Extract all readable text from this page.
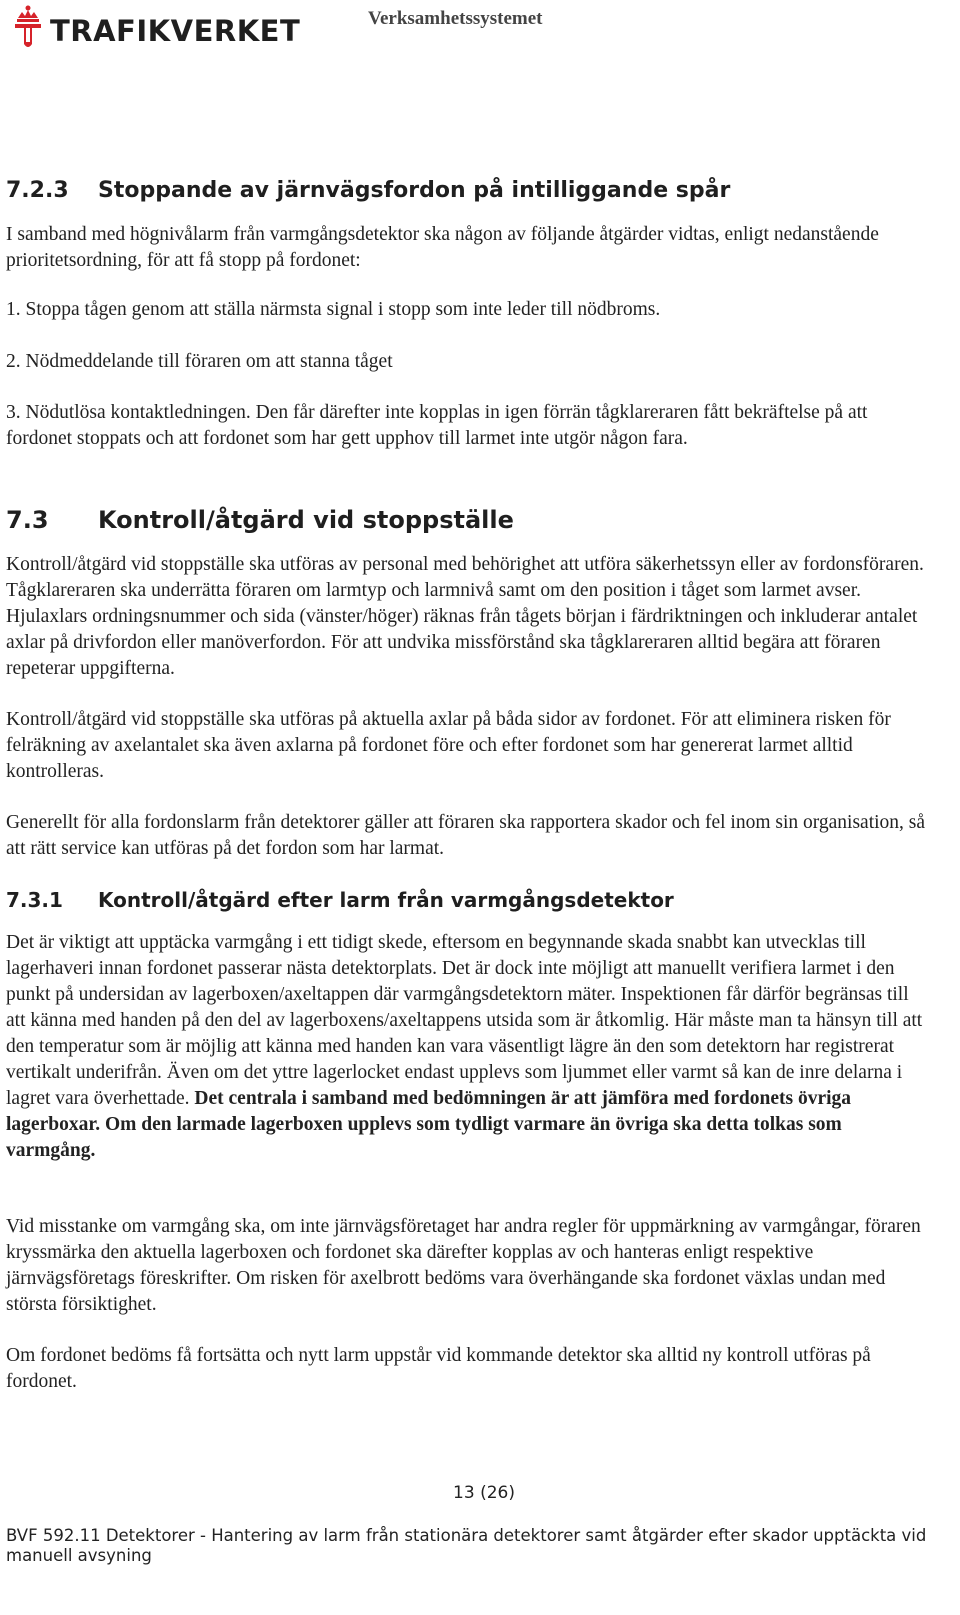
TRAFIKVERKET	Verksamhetssystemet
7.2.3 Stoppande av järnvägsfordon på intilliggande spår

I samband med högnivålarm från varmgångsdetektor ska någon av följande åtgärder vidtas, enligt nedanstående prioritetsordning, för att få stopp på fordonet:

1. Stoppa tågen genom att ställa närmsta signal i stopp som inte leder till nödbroms.

2. Nödmeddelande till föraren om att stanna tåget

3. Nödutlösa kontaktledningen. Den får därefter inte kopplas in igen förrän tågklareraren fått bekräftelse på att fordonet stoppats och att fordonet som har gett upphov till larmet inte utgör någon fara.

7.3 Kontroll/åtgärd vid stoppställe

Kontroll/åtgärd vid stoppställe ska utföras av personal med behörighet att utföra säkerhetssyn eller av fordonsföraren. Tågklareraren ska underrätta föraren om larmtyp och larmnivå samt om den position i tåget som larmet avser. Hjulaxlars ordningsnummer och sida (vänster/höger) räknas från tågets början i färdriktningen och inkluderar antalet axlar på drivfordon eller manöverfordon. För att undvika missförstånd ska tågklareraren alltid begära att föraren repeterar uppgifterna.

Kontroll/åtgärd vid stoppställe ska utföras på aktuella axlar på båda sidor av fordonet. För att eliminera risken för felräkning av axelantalet ska även axlarna på fordonet före och efter fordonet som har genererat larmet alltid kontrolleras.

Generellt för alla fordonslarm från detektorer gäller att föraren ska rapportera skador och fel inom sin organisation, så att rätt service kan utföras på det fordon som har larmat.

7.3.1 Kontroll/åtgärd efter larm från varmgångsdetektor

Det är viktigt att upptäcka varmgång i ett tidigt skede, eftersom en begynnande skada snabbt kan utvecklas till lagerhaveri innan fordonet passerar nästa detektorplats. Det är dock inte möjligt att manuellt verifiera larmet i den punkt på undersidan av lagerboxen/axeltappen där varmgångsdetektorn mäter. Inspektionen får därför begränsas till att känna med handen på den del av lagerboxens/axeltappens utsida som är åtkomlig. Här måste man ta hänsyn till att den temperatur som är möjlig att känna med handen kan vara väsentligt lägre än den som detektorn har registrerat vertikalt underifrån. Även om det yttre lagerlocket endast upplevs som ljummet eller varmt så kan de inre delarna i lagret vara överhettade. Det centrala i samband med bedömningen är att jämföra med fordonets övriga lagerboxar. Om den larmade lagerboxen upplevs som tydligt varmare än övriga ska detta tolkas som varmgång.

Vid misstanke om varmgång ska, om inte järnvägsföretaget har andra regler för uppmärkning av varmgångar, föraren kryssmärka den aktuella lagerboxen och fordonet ska därefter kopplas av och hanteras enligt respektive järnvägsföretags föreskrifter. Om risken för axelbrott bedöms vara överhängande ska fordonet växlas undan med största försiktighet.

Om fordonet bedöms få fortsätta och nytt larm uppstår vid kommande detektor ska alltid ny kontroll utföras på fordonet.

13 (26)
BVF 592.11 Detektorer - Hantering av larm från stationära detektorer samt åtgärder efter skador upptäckta vid manuell avsyning
